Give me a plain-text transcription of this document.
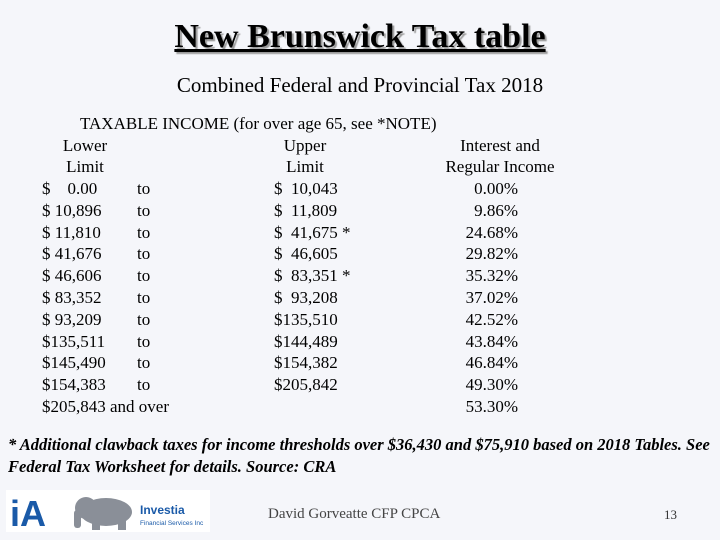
New Brunswick Tax table
Combined Federal and Provincial Tax 2018
TAXABLE INCOME (for over age 65, see *NOTE)
Lower
Limit
Upper
Limit
Interest and
Regular Income
$    0.00 to	$  10,043	0.00%
$ 10,896 to	$  11,809	9.86%
$ 11,810 to	$  41,675 *	24.68%
$ 41,676 to	$  46,605	29.82%
$ 46,606 to	$  83,351 *	35.32%
$ 83,352 to	$  93,208	37.02%
$ 93,209 to	$135,510	42.52%
$135,511 to	$144,489	43.84%
$145,490 to	$154,382	46.84%
$154,383 to	$205,842	49.30%
$205,843 and over	53.30%
* Additional clawback taxes for income thresholds over $36,430 and $75,910 based on 2018 Tables. See Federal Tax Worksheet for details. Source: CRA
iA	Investia
Financial Services Inc
David Gorveatte CFP CPCA	13
